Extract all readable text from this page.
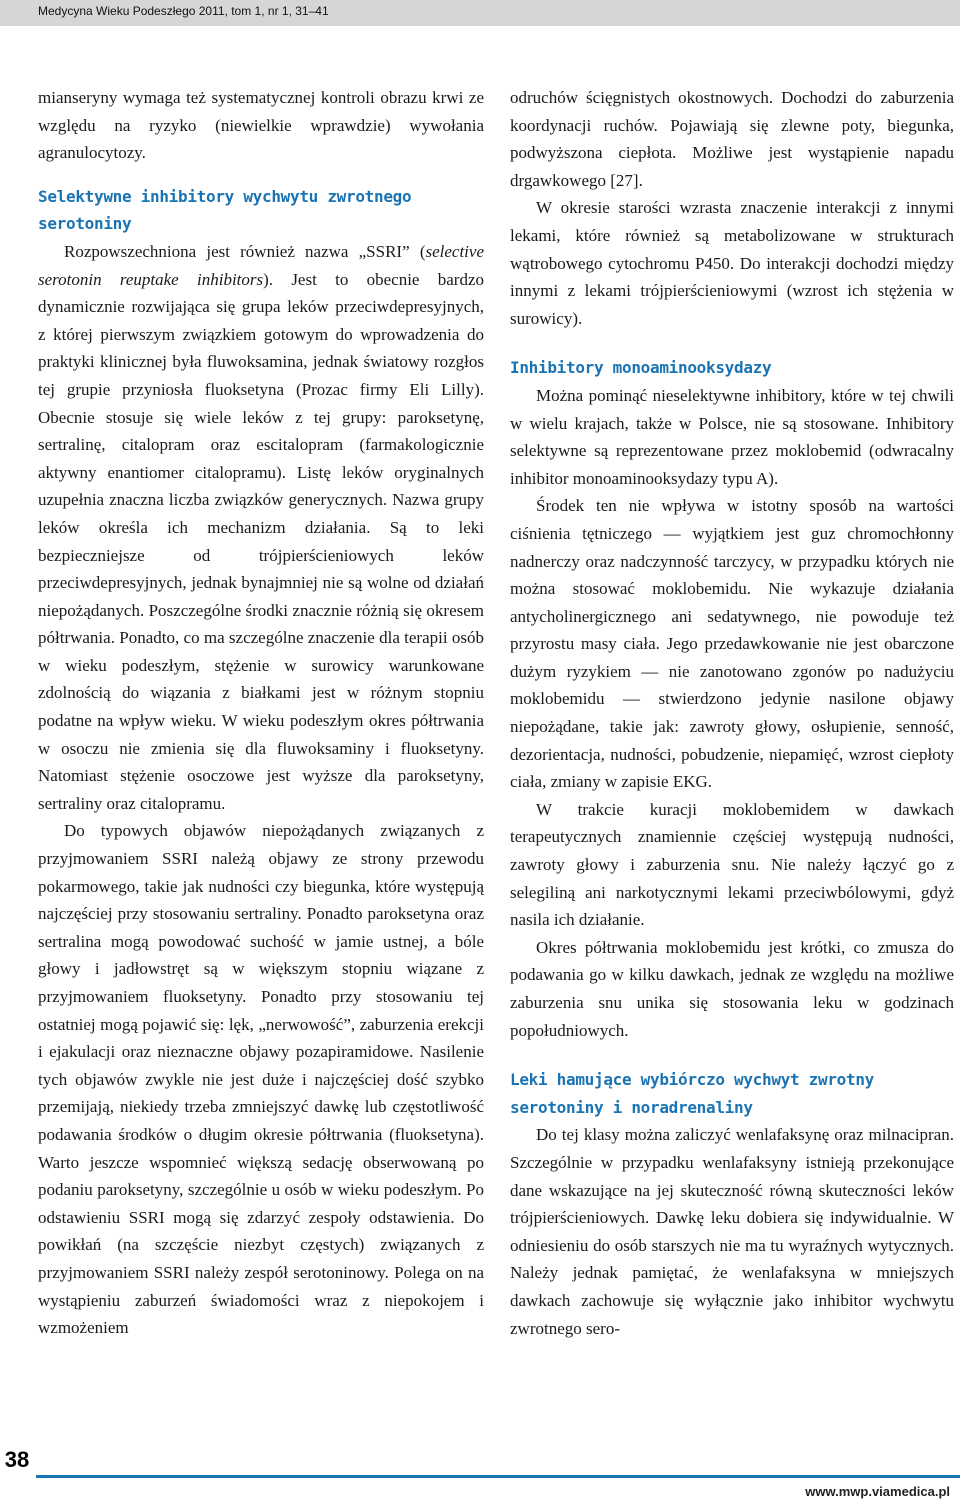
Medycyna Wieku Podeszłego 2011, tom 1, nr 1, 31–41

mianseryny wymaga też systematycznej kontroli obrazu krwi ze względu na ryzyko (niewielkie wprawdzie) wywołania agranulocytozy.

Selektywne inhibitory wychwytu zwrotnego serotoniny

Rozpowszechniona jest również nazwa „SSRI” (selective serotonin reuptake inhibitors). Jest to obecnie bardzo dynamicznie rozwijająca się grupa leków przeciwdepresyjnych, z której pierwszym związkiem gotowym do wprowadzenia do praktyki klinicznej była fluwoksamina, jednak światowy rozgłos tej grupie przyniosła fluoksetyna (Prozac firmy Eli Lilly). Obecnie stosuje się wiele leków z tej grupy: paroksetynę, sertralinę, citalopram oraz escitalopram (farmakologicznie aktywny enantiomer citalopramu). Listę leków oryginalnych uzupełnia znaczna liczba związków generycznych. Nazwa grupy leków określa ich mechanizm działania. Są to leki bezpieczniejsze od trójpierścieniowych leków przeciwdepresyjnych, jednak bynajmniej nie są wolne od działań niepożądanych. Poszczególne środki znacznie różnią się okresem półtrwania. Ponadto, co ma szczególne znaczenie dla terapii osób w wieku podeszłym, stężenie w surowicy warunkowane zdolnością do wiązania z białkami jest w różnym stopniu podatne na wpływ wieku. W wieku podeszłym okres półtrwania w osoczu nie zmienia się dla fluwoksaminy i fluoksetyny. Natomiast stężenie osoczowe jest wyższe dla paroksetyny, sertraliny oraz citalopramu.

Do typowych objawów niepożądanych związanych z przyjmowaniem SSRI należą objawy ze strony przewodu pokarmowego, takie jak nudności czy biegunka, które występują najczęściej przy stosowaniu sertraliny. Ponadto paroksetyna oraz sertralina mogą powodować suchość w jamie ustnej, a bóle głowy i jadłowstręt są w większym stopniu wiązane z przyjmowaniem fluoksetyny. Ponadto przy stosowaniu tej ostatniej mogą pojawić się: lęk, „nerwowość”, zaburzenia erekcji i ejakulacji oraz nieznaczne objawy pozapiramidowe. Nasilenie tych objawów zwykle nie jest duże i najczęściej dość szybko przemijają, niekiedy trzeba zmniejszyć dawkę lub częstotliwość podawania środków o długim okresie półtrwania (fluoksetyna). Warto jeszcze wspomnieć większą sedację obserwowaną po podaniu paroksetyny, szczególnie u osób w wieku podeszłym. Po odstawieniu SSRI mogą się zdarzyć zespoły odstawienia. Do powikłań (na szczęście niezbyt częstych) związanych z przyjmowaniem SSRI należy zespół serotoninowy. Polega on na wystąpieniu zaburzeń świadomości wraz z niepokojem i wzmożeniem

odruchów ścięgnistych okostnowych. Dochodzi do zaburzenia koordynacji ruchów. Pojawiają się zlewne poty, biegunka, podwyższona ciepłota. Możliwe jest wystąpienie napadu drgawkowego [27].

W okresie starości wzrasta znaczenie interakcji z innymi lekami, które również są metabolizowane w strukturach wątrobowego cytochromu P450. Do interakcji dochodzi między innymi z lekami trójpierścieniowymi (wzrost ich stężenia w surowicy).

Inhibitory monoaminooksydazy

Można pominąć nieselektywne inhibitory, które w tej chwili w wielu krajach, także w Polsce, nie są stosowane. Inhibitory selektywne są reprezentowane przez moklobemid (odwracalny inhibitor monoaminooksydazy typu A).

Środek ten nie wpływa w istotny sposób na wartości ciśnienia tętniczego — wyjątkiem jest guz chromochłonny nadnerczy oraz nadczynność tarczycy, w przypadku których nie można stosować moklobemidu. Nie wykazuje działania antycholinergicznego ani sedatywnego, nie powoduje też przyrostu masy ciała. Jego przedawkowanie nie jest obarczone dużym ryzykiem — nie zanotowano zgonów po nadużyciu moklobemidu — stwierdzono jedynie nasilone objawy niepożądane, takie jak: zawroty głowy, osłupienie, senność, dezorientacja, nudności, pobudzenie, niepamięć, wzrost ciepłoty ciała, zmiany w zapisie EKG.

W trakcie kuracji moklobemidem w dawkach terapeutycznych znamiennie częściej występują nudności, zawroty głowy i zaburzenia snu. Nie należy łączyć go z selegiliną ani narkotycznymi lekami przeciwbólowymi, gdyż nasila ich działanie.

Okres półtrwania moklobemidu jest krótki, co zmusza do podawania go w kilku dawkach, jednak ze względu na możliwe zaburzenia snu unika się stosowania leku w godzinach popołudniowych.

Leki hamujące wybiórczo wychwyt zwrotny serotoniny i noradrenaliny

Do tej klasy można zaliczyć wenlafaksynę oraz milnacipran. Szczególnie w przypadku wenlafaksyny istnieją przekonujące dane wskazujące na jej skuteczność równą skuteczności leków trójpierścieniowych. Dawkę leku dobiera się indywidualnie. W odniesieniu do osób starszych nie ma tu wyraźnych wytycznych. Należy jednak pamiętać, że wenlafaksyna w mniejszych dawkach zachowuje się wyłącznie jako inhibitor wychwytu zwrotnego sero-

38
www.mwp.viamedica.pl
